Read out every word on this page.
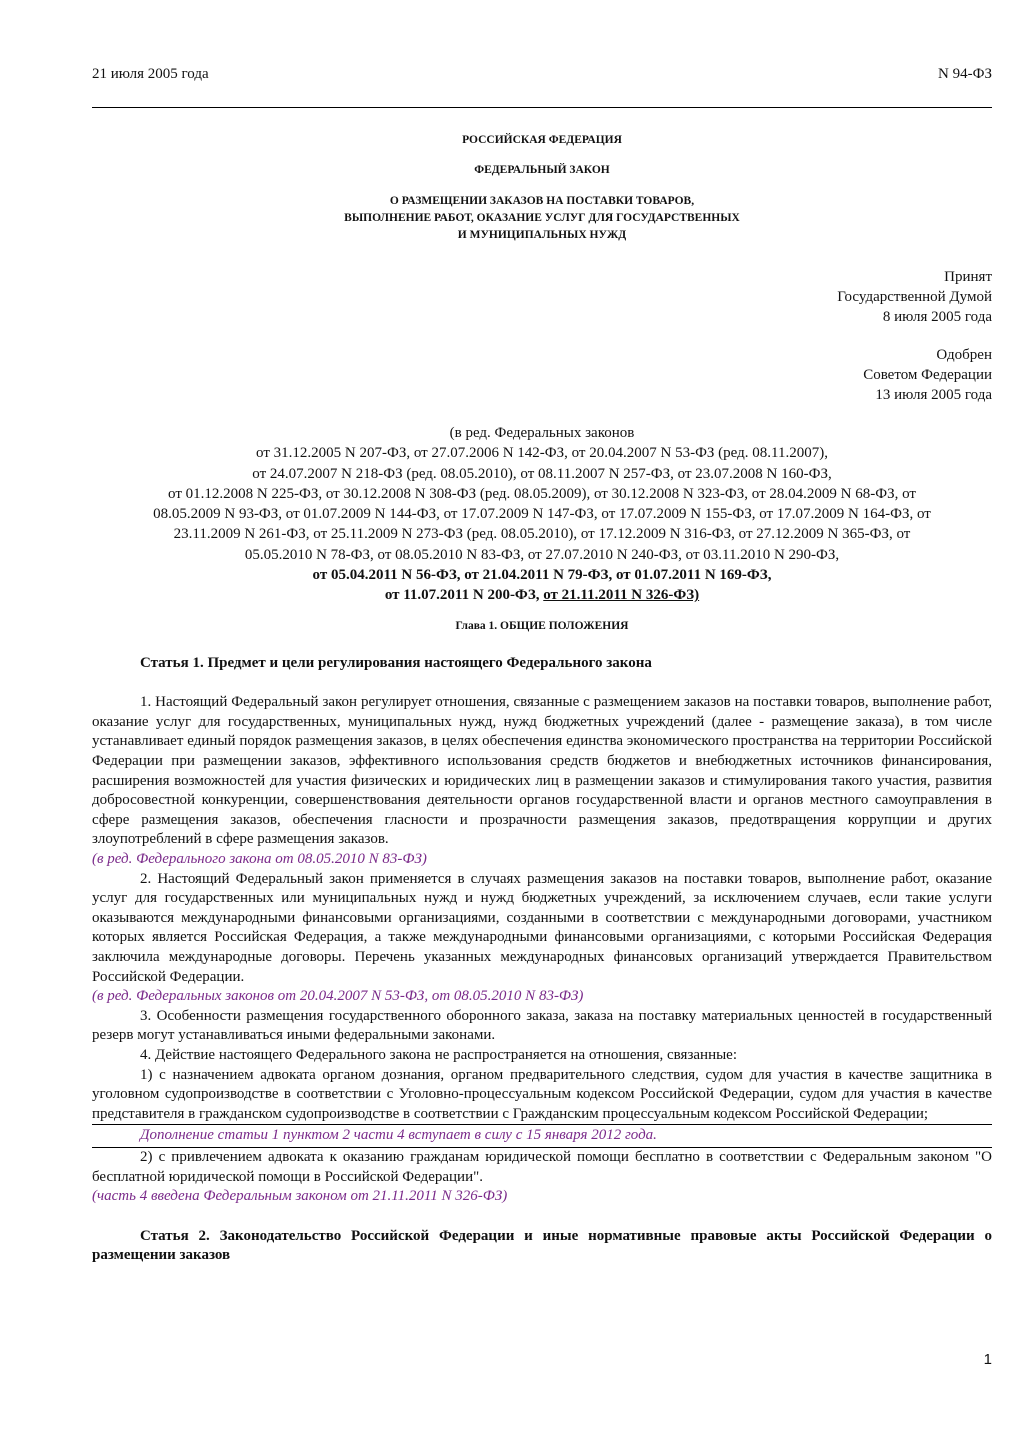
21 июля 2005 года	N 94-ФЗ
РОССИЙСКАЯ ФЕДЕРАЦИЯ
ФЕДЕРАЛЬНЫЙ ЗАКОН
О РАЗМЕЩЕНИИ ЗАКАЗОВ НА ПОСТАВКИ ТОВАРОВ,
ВЫПОЛНЕНИЕ РАБОТ, ОКАЗАНИЕ УСЛУГ ДЛЯ ГОСУДАРСТВЕННЫХ
И МУНИЦИПАЛЬНЫХ НУЖД
Принят
Государственной Думой
8 июля 2005 года
Одобрен
Советом Федерации
13 июля 2005 года
(в ред. Федеральных законов
от 31.12.2005 N 207-ФЗ, от 27.07.2006 N 142-ФЗ, от 20.04.2007 N 53-ФЗ (ред. 08.11.2007),
от 24.07.2007 N 218-ФЗ (ред. 08.05.2010), от 08.11.2007 N 257-ФЗ, от 23.07.2008 N 160-ФЗ,
от 01.12.2008 N 225-ФЗ, от 30.12.2008 N 308-ФЗ (ред. 08.05.2009), от 30.12.2008 N 323-ФЗ, от 28.04.2009 N 68-ФЗ, от
08.05.2009 N 93-ФЗ, от 01.07.2009 N 144-ФЗ, от 17.07.2009 N 147-ФЗ, от 17.07.2009 N 155-ФЗ, от 17.07.2009 N 164-ФЗ, от
23.11.2009 N 261-ФЗ, от 25.11.2009 N 273-ФЗ (ред. 08.05.2010), от 17.12.2009 N 316-ФЗ, от 27.12.2009 N 365-ФЗ, от
05.05.2010 N 78-ФЗ, от 08.05.2010 N 83-ФЗ, от 27.07.2010 N 240-ФЗ, от 03.11.2010 N 290-ФЗ,
от 05.04.2011 N 56-ФЗ, от 21.04.2011 N 79-ФЗ, от 01.07.2011 N 169-ФЗ,
от 11.07.2011 N 200-ФЗ, от 21.11.2011 N 326-ФЗ)
Глава 1. ОБЩИЕ ПОЛОЖЕНИЯ
Статья 1. Предмет и цели регулирования настоящего Федерального закона

1. Настоящий Федеральный закон регулирует отношения, связанные с размещением заказов на поставки товаров, выполнение работ, оказание услуг для государственных, муниципальных нужд, нужд бюджетных учреждений (далее - размещение заказа), в том числе устанавливает единый порядок размещения заказов, в целях обеспечения единства экономического пространства на территории Российской Федерации при размещении заказов, эффективного использования средств бюджетов и внебюджетных источников финансирования, расширения возможностей для участия физических и юридических лиц в размещении заказов и стимулирования такого участия, развития добросовестной конкуренции, совершенствования деятельности органов государственной власти и органов местного самоуправления в сфере размещения заказов, обеспечения гласности и прозрачности размещения заказов, предотвращения коррупции и других злоупотреблений в сфере размещения заказов.

(в ред. Федерального закона от 08.05.2010 N 83-ФЗ)

2. Настоящий Федеральный закон применяется в случаях размещения заказов на поставки товаров, выполнение работ, оказание услуг для государственных или муниципальных нужд и нужд бюджетных учреждений, за исключением случаев, если такие услуги оказываются международными финансовыми организациями, созданными в соответствии с международными договорами, участником которых является Российская Федерация, а также международными финансовыми организациями, с которыми Российская Федерация заключила международные договоры. Перечень указанных международных финансовых организаций утверждается Правительством Российской Федерации.

(в ред. Федеральных законов от 20.04.2007 N 53-ФЗ, от 08.05.2010 N 83-ФЗ)

3. Особенности размещения государственного оборонного заказа, заказа на поставку материальных ценностей в государственный резерв могут устанавливаться иными федеральными законами.

4. Действие настоящего Федерального закона не распространяется на отношения, связанные:

1) с назначением адвоката органом дознания, органом предварительного следствия, судом для участия в качестве защитника в уголовном судопроизводстве в соответствии с Уголовно-процессуальным кодексом Российской Федерации, судом для участия в качестве представителя в гражданском судопроизводстве в соответствии с Гражданским процессуальным кодексом Российской Федерации;

Дополнение статьи 1 пунктом 2 части 4 вступает в силу с 15 января 2012 года.

2) с привлечением адвоката к оказанию гражданам юридической помощи бесплатно в соответствии с Федеральным законом "О бесплатной юридической помощи в Российской Федерации".

(часть 4 введена Федеральным законом от 21.11.2011 N 326-ФЗ)

Статья 2. Законодательство Российской Федерации и иные нормативные правовые акты Российской Федерации о размещении заказов
1
